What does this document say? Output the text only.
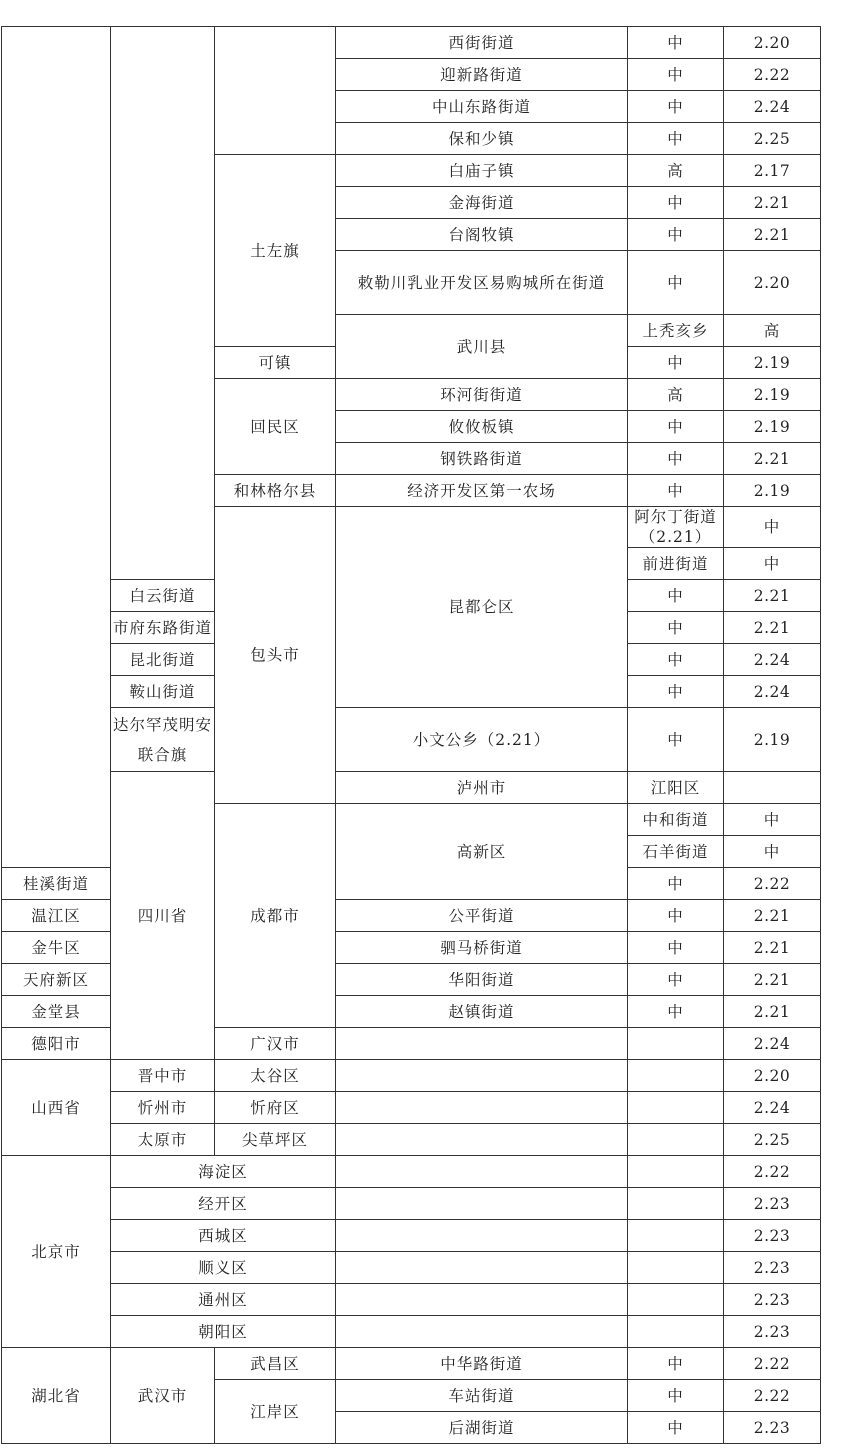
			西街街道	中	2.20	
			迎新路街道	中	2.22	
			中山东路街道	中	2.24	
			保和少镇	中	2.25	
		土左旗	白庙子镇	高	2.17	
			金海街道	中	2.21	
			台阁牧镇	中	2.21	
			敕勒川乳业开发区易购城所在街道	中	2.20	
			武川县	上秃亥乡	高	
		可镇		中	2.19	
		回民区	环河街街道	高	2.19	
			攸攸板镇	中	2.19	
			钢铁路街道	中	2.21	
		和林格尔县	经济开发区第一农场	中	2.19	
		包头市	昆都仑区	阿尔丁街道（2.21）	中	
				前进街道	中	
	白云街道			中	2.21	
	市府东路街道			中	2.21	
	昆北街道			中	2.24	
	鞍山街道			中	2.24	
	达尔罕茂明安联合旗		小文公乡（2.21）	中	2.19	
	四川省		泸州市	江阳区			
		成都市	高新区	中和街道	中	
				石羊街道	中	
桂溪街道				中	2.22	
温江区			公平街道	中	2.21	
金牛区			驷马桥街道	中	2.21	
天府新区			华阳街道	中	2.21	
金堂县			赵镇街道	中	2.21	
德阳市		广汉市			2.24	
山西省	晋中市	太谷区			2.20	
	忻州市	忻府区			2.24	
	太原市	尖草坪区			2.25	
北京市	海淀区				2.22	
	经开区				2.23	
	西城区				2.23	
	顺义区				2.23	
	通州区				2.23	
	朝阳区				2.23	
湖北省	武汉市	武昌区	中华路街道	中	2.22	
		江岸区	车站街道	中	2.22	
			后湖街道	中	2.23	
